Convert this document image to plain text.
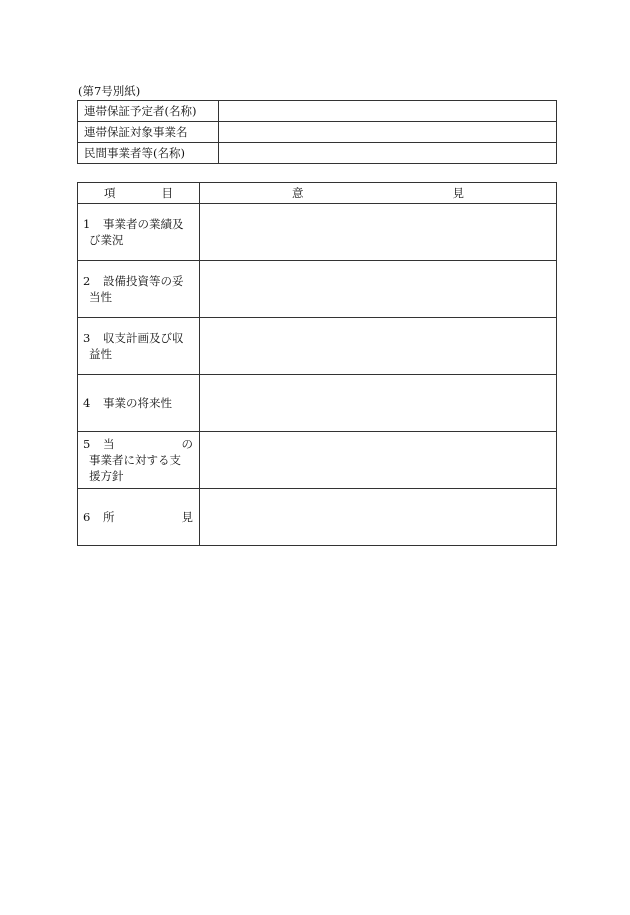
(第7号別紙)
連帯保証予定者(名称)	
連帯保証対象事業名	
民間事業者等(名称)	
項 目	意 見

1 事業者の業績及
び業況	

2 設備投資等の妥
当性	

3 収支計画及び収
益性	

4 事業の将来性	

5 当 の
事業者に対する支
援方針	

6 所 見	
